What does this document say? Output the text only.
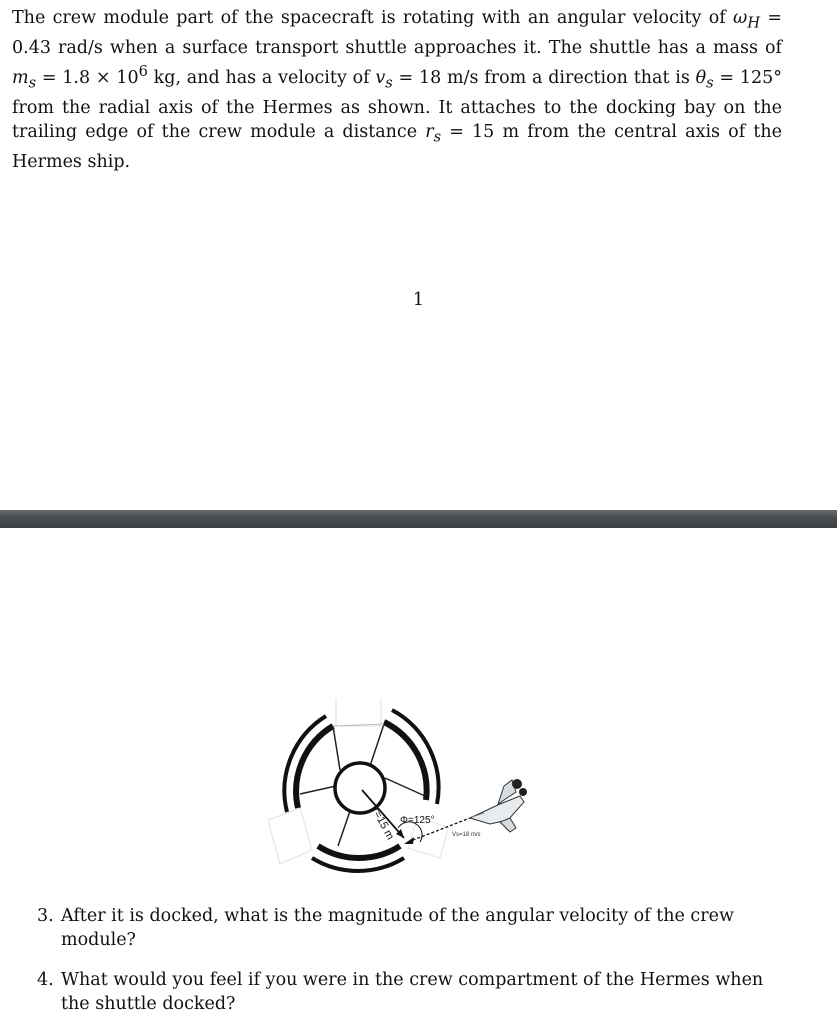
The crew module part of the spacecraft is rotating with an angular velocity of $\omega_H = 0.43$ rad/s when a surface transport shuttle approaches it. The shuttle has a mass of $m_s = 1.8 \times 10^6$ kg, and has a velocity of $v_s = 18$ m/s from a direction that is $\theta_s = 125^\circ$ from the radial axis of the Hermes as shown. It attaches to the docking bay on the trailing edge of the crew module a distance $r_s = 15$ m from the central axis of the Hermes ship.

1
r=15 m Φ=125°
Vs=18 m/s
3. After it is docked, what is the magnitude of the angular velocity of the crew module?
4. What would you feel if you were in the crew compartment of the Hermes when the shuttle docked?
